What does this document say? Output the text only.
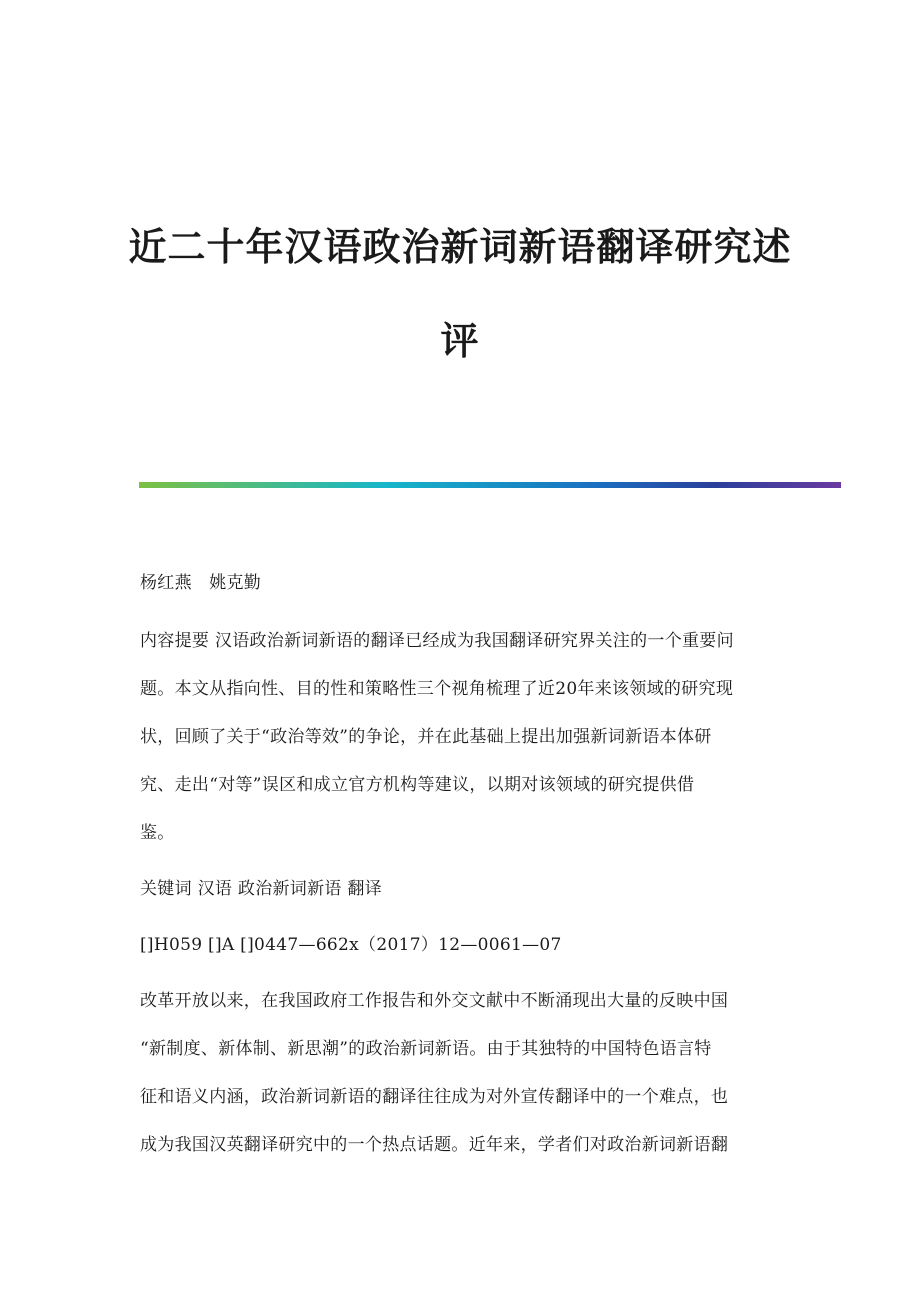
近二十年汉语政治新词新语翻译研究述
评
杨红燕　姚克勤
内容提要 汉语政治新词新语的翻译已经成为我国翻译研究界关注的一个重要问
题。本文从指向性、目的性和策略性三个视角梳理了近20年来该领域的研究现
状，回顾了关于“政治等效”的争论，并在此基础上提出加强新词新语本体研
究、走出“对等”误区和成立官方机构等建议，以期对该领域的研究提供借
鉴。
关键词 汉语 政治新词新语 翻译
[]H059 []A []0447—662x（2017）12—0061—07
改革开放以来，在我国政府工作报告和外交文献中不断涌现出大量的反映中国
“新制度、新体制、新思潮”的政治新词新语。由于其独特的中国特色语言特
征和语义内涵，政治新词新语的翻译往往成为对外宣传翻译中的一个难点，也
成为我国汉英翻译研究中的一个热点话题。近年来，学者们对政治新词新语翻
